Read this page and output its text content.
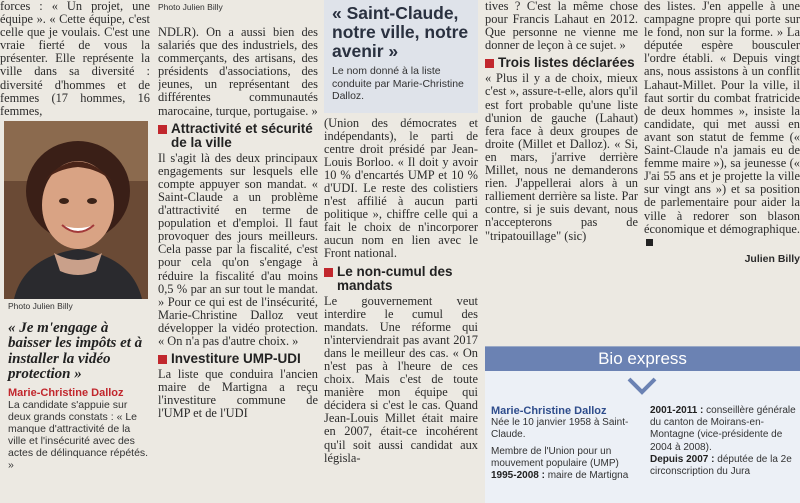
forces : « Un projet, une équipe ». « Cette équipe, c'est celle que je voulais. C'est une vraie fierté de vous la présenter. Elle représente la ville dans sa diversité : diversité d'hommes et de femmes (17 hommes, 16 femmes,

Photo Julien Billy

« Je m'engage à baisser les impôts et à installer la vidéo protection »

Marie-Christine Dalloz

La candidate s'appuie sur deux grands constats : « Le manque d'attractivité de la ville et l'insécurité avec des actes de délinquance répétés. »

Photo Julien Billy

NDLR). On a aussi bien des salariés que des industriels, des commerçants, des artisans, des présidents d'associations, des jeunes, un représentant des différentes communautés marocaine, turque, portugaise. »

Attractivité et sécurité de la ville

Il s'agit là des deux principaux engagements sur lesquels elle compte appuyer son mandat. « Saint-Claude a un problème d'attractivité en terme de population et d'emploi. Il faut provoquer des jours meilleurs. Cela passe par la fiscalité, c'est pour cela qu'on s'engage à réduire la fiscalité d'au moins 0,5 % par an sur tout le mandat. » Pour ce qui est de l'insécurité, Marie-Christine Dalloz veut développer la vidéo protection. « On n'a pas d'autre choix. »

Investiture UMP-UDI

La liste que conduira l'ancien maire de Martigna a reçu l'investiture commune de l'UMP et de l'UDI

« Saint-Claude, notre ville, notre avenir »

Le nom donné à la liste conduite par Marie-Christine Dalloz.

(Union des démocrates et indépendants), le parti de centre droit présidé par Jean-Louis Borloo. « Il doit y avoir 10 % d'encartés UMP et 10 % d'UDI. Le reste des colistiers n'est affilié à aucun parti politique », chiffre celle qui a fait le choix de n'incorporer aucun nom en lien avec le Front national.

Le non-cumul des mandats

Le gouvernement veut interdire le cumul des mandats. Une réforme qui n'interviendrait pas avant 2017 dans le meilleur des cas. « On n'est pas à l'heure de ces choix. Mais c'est de toute manière mon équipe qui décidera si c'est le cas. Quand Jean-Louis Millet était maire en 2007, était-ce incohérent qu'il soit aussi candidat aux législa-

tives ? C'est la même chose pour Francis Lahaut en 2012. Que personne ne vienne me donner de leçon à ce sujet. »

Trois listes déclarées

« Plus il y a de choix, mieux c'est », assure-t-elle, alors qu'il est fort probable qu'une liste d'union de gauche (Lahaut) fera face à deux groupes de droite (Millet et Dalloz). « Si, en mars, j'arrive derrière Millet, nous ne demanderons rien. J'appellerai alors à un ralliement derrière sa liste. Par contre, si je suis devant, nous n'accepterons pas de "tripatouillage" (sic)

des listes. J'en appelle à une campagne propre qui porte sur le fond, non sur la forme. » La députée espère bousculer l'ordre établi. « Depuis vingt ans, nous assistons à un conflit Lahaut-Millet. Pour la ville, il faut sortir du combat fratricide de deux hommes », insiste la candidate, qui met aussi en avant son statut de femme (« Saint-Claude n'a jamais eu de femme maire »), sa jeunesse (« J'ai 55 ans et je projette la ville sur vingt ans ») et sa position de parlementaire pour aider la ville à redorer son blason économique et démographique.

Julien Billy

Bio express

Marie-Christine Dalloz

Née le 10 janvier 1958 à Saint-Claude.

Membre de l'Union pour un mouvement populaire (UMP)

1995-2008 : maire de Martigna

2001-2011 : conseillère générale du canton de Moirans-en-Montagne (vice-présidente de 2004 à 2008).

Depuis 2007 : députée de la 2e circonscription du Jura
